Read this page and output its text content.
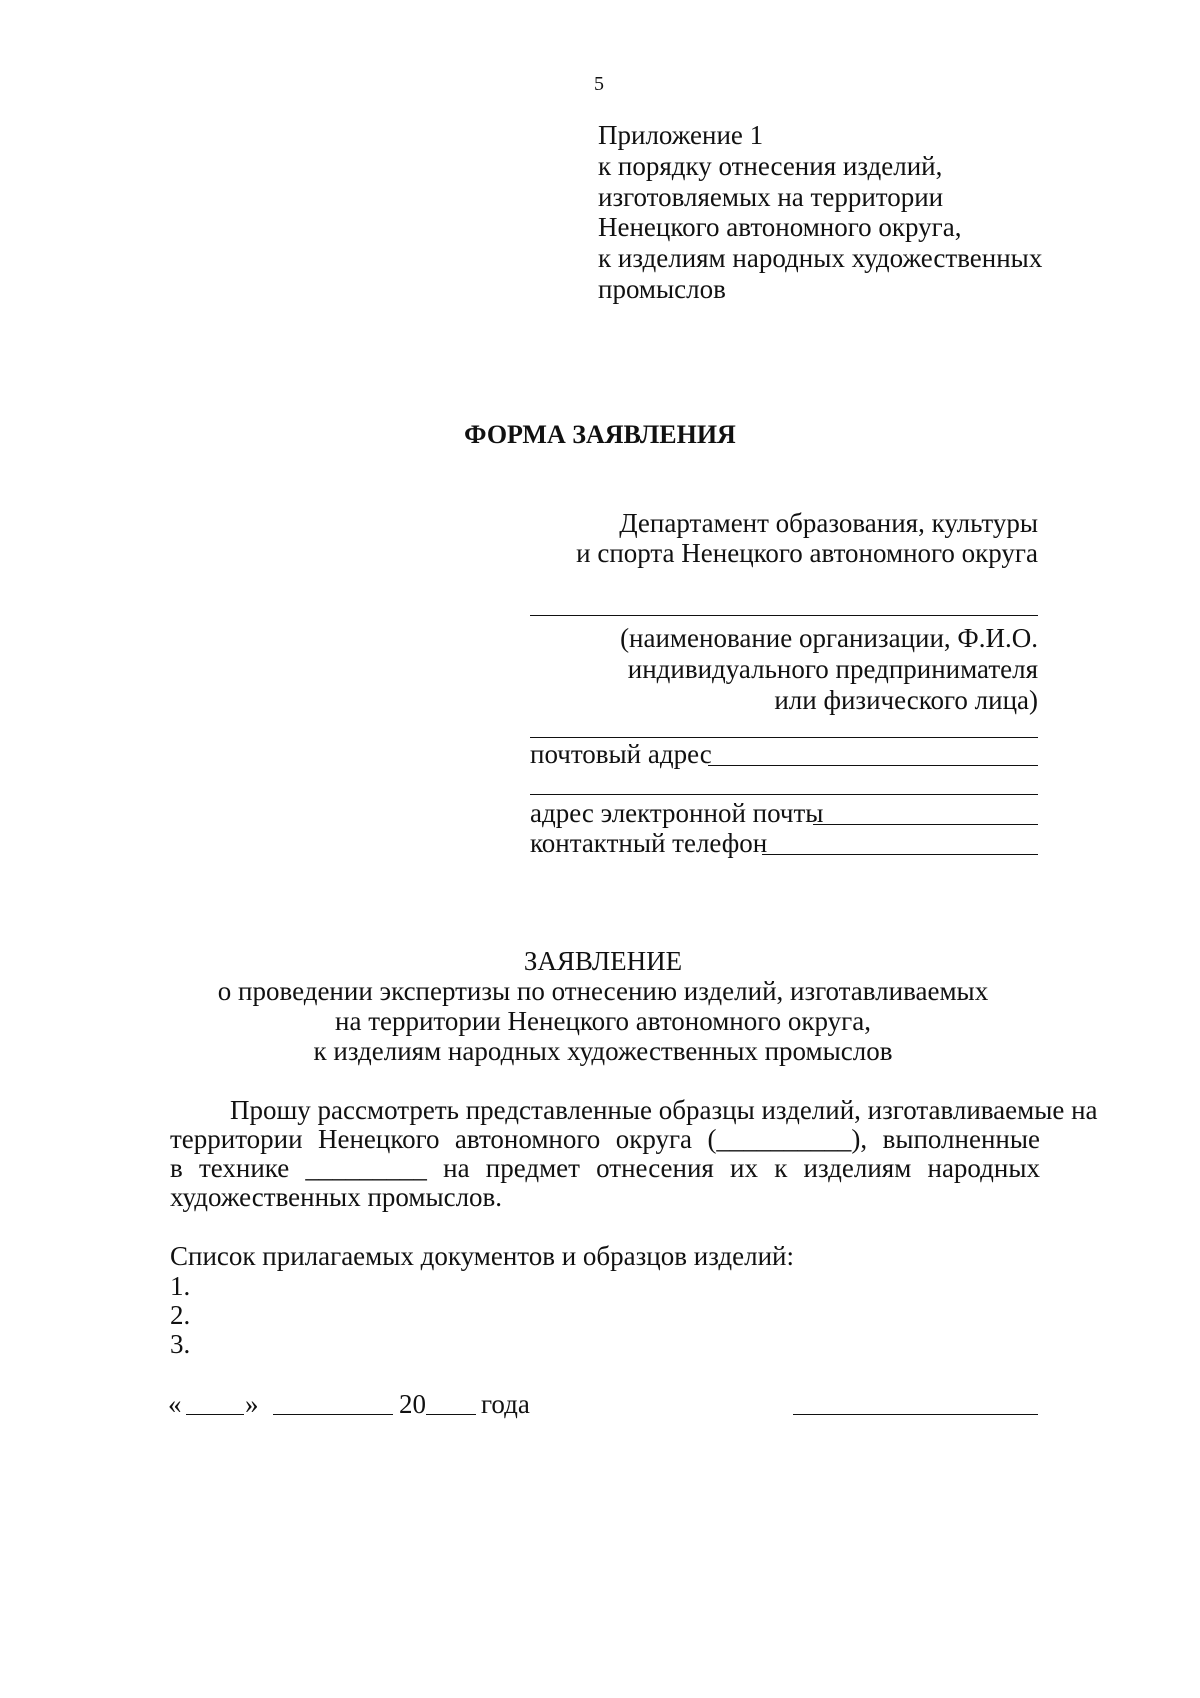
5
Приложение 1
к порядку отнесения изделий,
изготовляемых на территории
Ненецкого автономного округа,
к изделиям народных художественных
промыслов
ФОРМА ЗАЯВЛЕНИЯ
Департамент образования, культуры
и спорта Ненецкого автономного округа
(наименование организации, Ф.И.О.
индивидуального предпринимателя
или физического лица)
почтовый адрес
адрес электронной почты
контактный телефон
ЗАЯВЛЕНИЕ
о проведении экспертизы по отнесению изделий, изготавливаемых
на территории Ненецкого автономного округа,
к изделиям народных художественных промыслов
Прошу рассмотреть представленные образцы изделий, изготавливаемые на
территории Ненецкого автономного округа (__________), выполненные
в технике _________ на предмет отнесения их к изделиям народных
художественных промыслов.
Список прилагаемых документов и образцов изделий:
1.
2.
3.
« »	20 года
